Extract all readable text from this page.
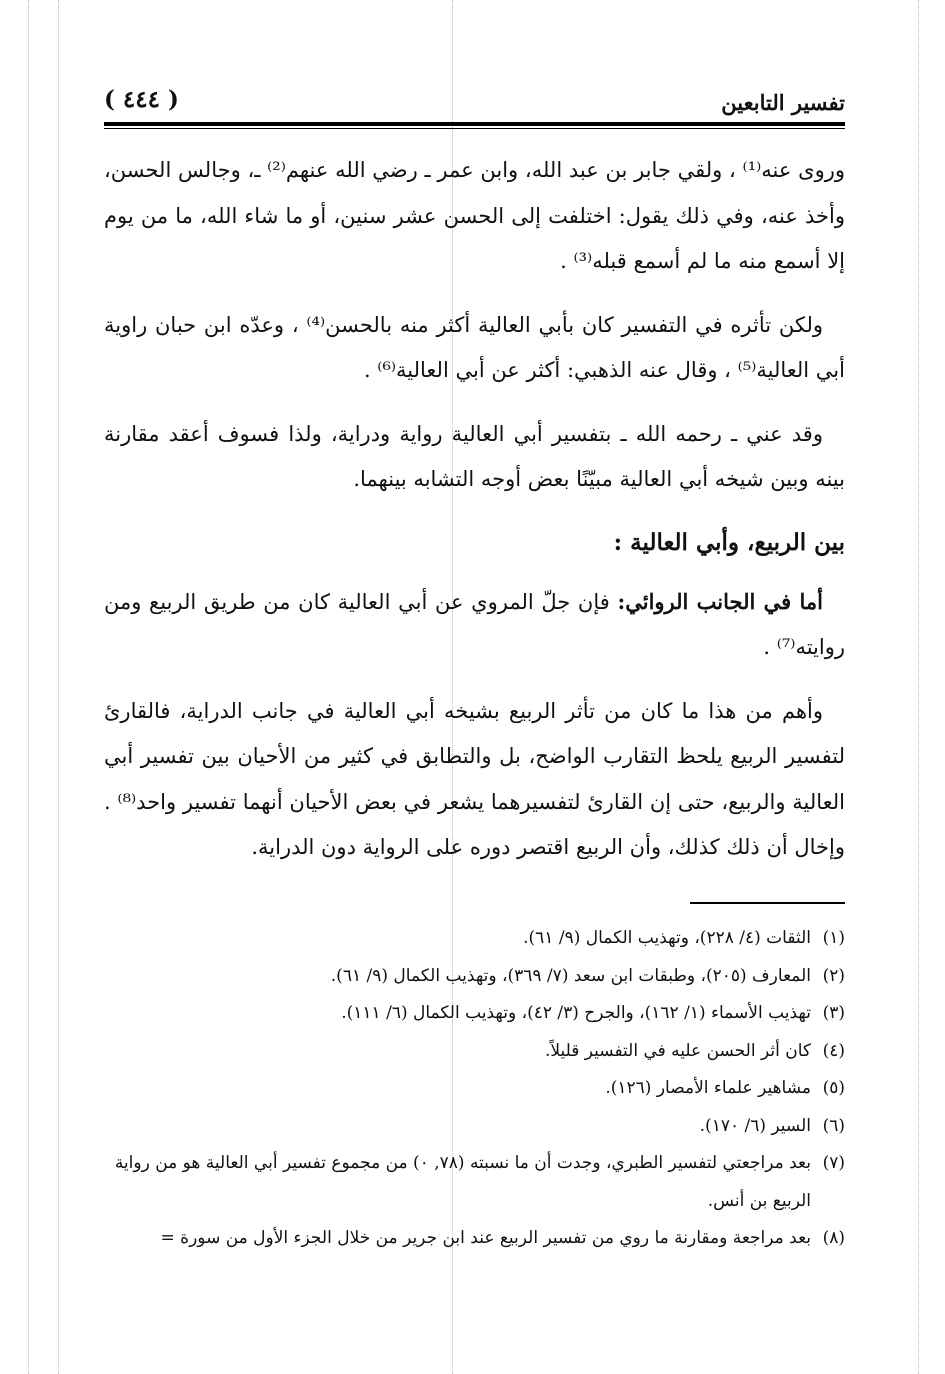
تفسير التابعين
( ٤٤٤ )

وروى عنه⁽¹⁾ ، ولقي جابر بن عبد الله، وابن عمر ـ رضي الله عنهم⁽²⁾ ـ، وجالس الحسن، وأخذ عنه، وفي ذلك يقول: اختلفت إلى الحسن عشر سنين، أو ما شاء الله، ما من يوم إلا أسمع منه ما لم أسمع قبله⁽³⁾ .

ولكن تأثره في التفسير كان بأبي العالية أكثر منه بالحسن⁽⁴⁾ ، وعدّه ابن حبان راوية أبي العالية⁽⁵⁾ ، وقال عنه الذهبي: أكثر عن أبي العالية⁽⁶⁾ .

وقد عني ـ رحمه الله ـ بتفسير أبي العالية رواية ودراية، ولذا فسوف أعقد مقارنة بينه وبين شيخه أبي العالية مبيّنًا بعض أوجه التشابه بينهما.

بين الربيع، وأبي العالية :

أما في الجانب الروائي: فإن جلّ المروي عن أبي العالية كان من طريق الربيع ومن روايته⁽⁷⁾ .

وأهم من هذا ما كان من تأثر الربيع بشيخه أبي العالية في جانب الدراية، فالقارئ لتفسير الربيع يلحظ التقارب الواضح، بل والتطابق في كثير من الأحيان بين تفسير أبي العالية والربيع، حتى إن القارئ لتفسيرهما يشعر في بعض الأحيان أنهما تفسير واحد⁽⁸⁾ . وإخال أن ذلك كذلك، وأن الربيع اقتصر دوره على الرواية دون الدراية.

(١)
الثقات (٤/ ٢٢٨)، وتهذيب الكمال (٩/ ٦١).
(٢)
المعارف (٢٠٥)، وطبقات ابن سعد (٧/ ٣٦٩)، وتهذيب الكمال (٩/ ٦١).
(٣)
تهذيب الأسماء (١/ ١٦٢)، والجرح (٣/ ٤٢)، وتهذيب الكمال (٦/ ١١١).
(٤)
كان أثر الحسن عليه في التفسير قليلاً.
(٥)
مشاهير علماء الأمصار (١٢٦).
(٦)
السير (٦/ ١٧٠).
(٧)
بعد مراجعتي لتفسير الطبري، وجدت أن ما نسبته (٧٨, ٠) من مجموع تفسير أبي العالية هو من رواية الربيع بن أنس.
(٨)
بعد مراجعة ومقارنة ما روي من تفسير الربيع عند ابن جرير من خلال الجزء الأول من سورة =
